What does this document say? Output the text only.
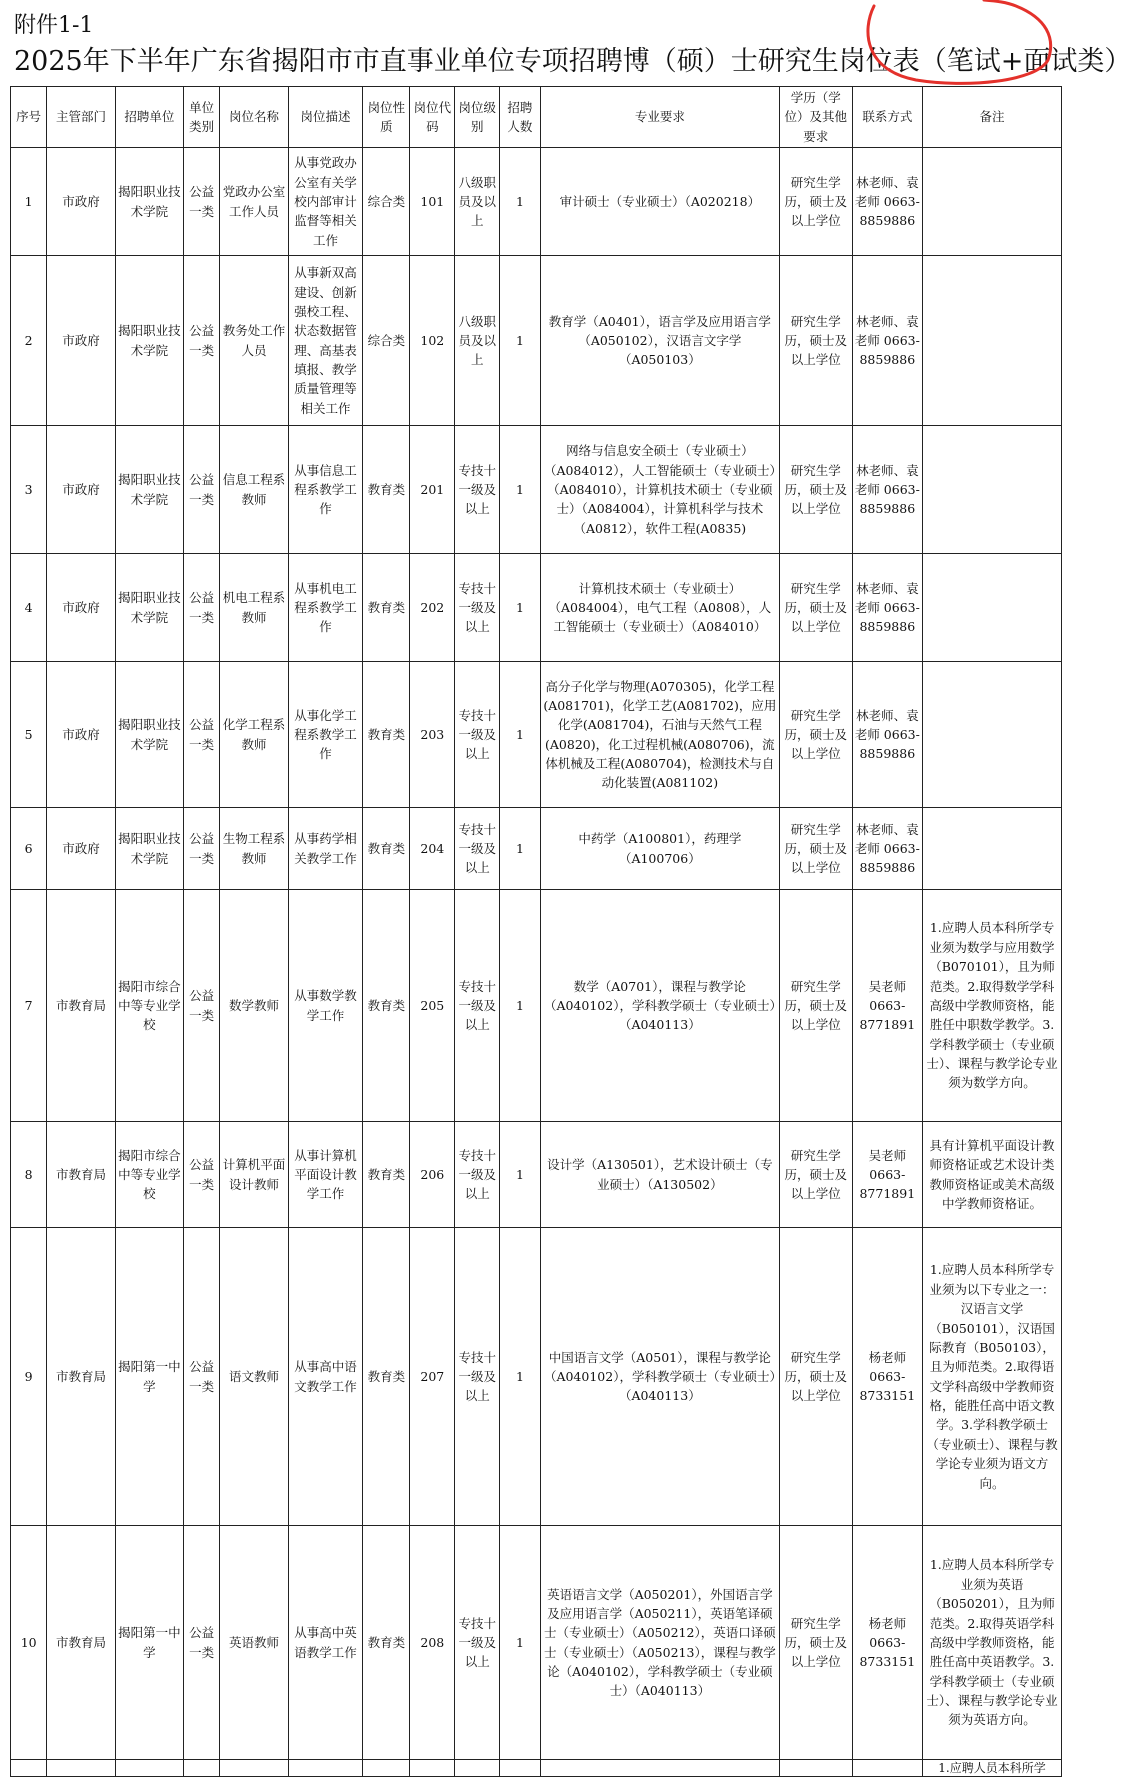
附件1-1
2025年下半年广东省揭阳市市直事业单位专项招聘博（硕）士研究生岗位表（笔试+面试类）
序号	主管部门	招聘单位	单位类别	岗位名称	岗位描述	岗位性质	岗位代码	岗位级别	招聘人数	专业要求	学历（学位）及其他要求	联系方式	备注
1	市政府	揭阳职业技术学院	公益一类	党政办公室工作人员	从事党政办公室有关学校内部审计监督等相关工作	综合类	101	八级职员及以上	1	审计硕士（专业硕士）（A020218）	研究生学历，硕士及以上学位	林老师、袁老师 0663-8859886	
2	市政府	揭阳职业技术学院	公益一类	教务处工作人员	从事新双高建设、创新强校工程、状态数据管理、高基表填报、教学质量管理等相关工作	综合类	102	八级职员及以上	1	教育学（A0401），语言学及应用语言学（A050102），汉语言文字学（A050103）	研究生学历，硕士及以上学位	林老师、袁老师 0663-8859886	
3	市政府	揭阳职业技术学院	公益一类	信息工程系教师	从事信息工程系教学工作	教育类	201	专技十一级及以上	1	网络与信息安全硕士（专业硕士）（A084012），人工智能硕士（专业硕士）（A084010），计算机技术硕士（专业硕士）（A084004），计算机科学与技术（A0812），软件工程(A0835)	研究生学历，硕士及以上学位	林老师、袁老师 0663-8859886	
4	市政府	揭阳职业技术学院	公益一类	机电工程系教师	从事机电工程系教学工作	教育类	202	专技十一级及以上	1	计算机技术硕士（专业硕士）（A084004），电气工程（A0808），人工智能硕士（专业硕士）（A084010）	研究生学历，硕士及以上学位	林老师、袁老师 0663-8859886	
5	市政府	揭阳职业技术学院	公益一类	化学工程系教师	从事化学工程系教学工作	教育类	203	专技十一级及以上	1	高分子化学与物理(A070305)，化学工程(A081701)，化学工艺(A081702)，应用化学(A081704)，石油与天然气工程(A0820)，化工过程机械(A080706)，流体机械及工程(A080704)，检测技术与自动化装置(A081102)	研究生学历，硕士及以上学位	林老师、袁老师 0663-8859886	
6	市政府	揭阳职业技术学院	公益一类	生物工程系教师	从事药学相关教学工作	教育类	204	专技十一级及以上	1	中药学（A100801），药理学（A100706）	研究生学历，硕士及以上学位	林老师、袁老师 0663-8859886	
7	市教育局	揭阳市综合中等专业学校	公益一类	数学教师	从事数学教学工作	教育类	205	专技十一级及以上	1	数学（A0701），课程与教学论（A040102），学科教学硕士（专业硕士）（A040113）	研究生学历，硕士及以上学位	吴老师 0663-8771891	1.应聘人员本科所学专业须为数学与应用数学（B070101），且为师范类。2.取得数学学科高级中学教师资格，能胜任中职数学教学。3.学科教学硕士（专业硕士）、课程与教学论专业须为数学方向。
8	市教育局	揭阳市综合中等专业学校	公益一类	计算机平面设计教师	从事计算机平面设计教学工作	教育类	206	专技十一级及以上	1	设计学（A130501），艺术设计硕士（专业硕士）（A130502）	研究生学历，硕士及以上学位	吴老师 0663-8771891	具有计算机平面设计教师资格证或艺术设计类教师资格证或美术高级中学教师资格证。
9	市教育局	揭阳第一中学	公益一类	语文教师	从事高中语文教学工作	教育类	207	专技十一级及以上	1	中国语言文学（A0501），课程与教学论（A040102），学科教学硕士（专业硕士）（A040113）	研究生学历，硕士及以上学位	杨老师 0663-8733151	1.应聘人员本科所学专业须为以下专业之一：汉语言文学（B050101），汉语国际教育（B050103），且为师范类。2.取得语文学科高级中学教师资格，能胜任高中语文教学。3.学科教学硕士（专业硕士）、课程与教学论专业须为语文方向。
10	市教育局	揭阳第一中学	公益一类	英语教师	从事高中英语教学工作	教育类	208	专技十一级及以上	1	英语语言文学（A050201），外国语言学及应用语言学（A050211），英语笔译硕士（专业硕士）（A050212），英语口译硕士（专业硕士）（A050213），课程与教学论（A040102），学科教学硕士（专业硕士）（A040113）	研究生学历，硕士及以上学位	杨老师 0663-8733151	1.应聘人员本科所学专业须为英语（B050201），且为师范类。2.取得英语学科高级中学教师资格，能胜任高中英语教学。3.学科教学硕士（专业硕士）、课程与教学论专业须为英语方向。
													1.应聘人员本科所学
